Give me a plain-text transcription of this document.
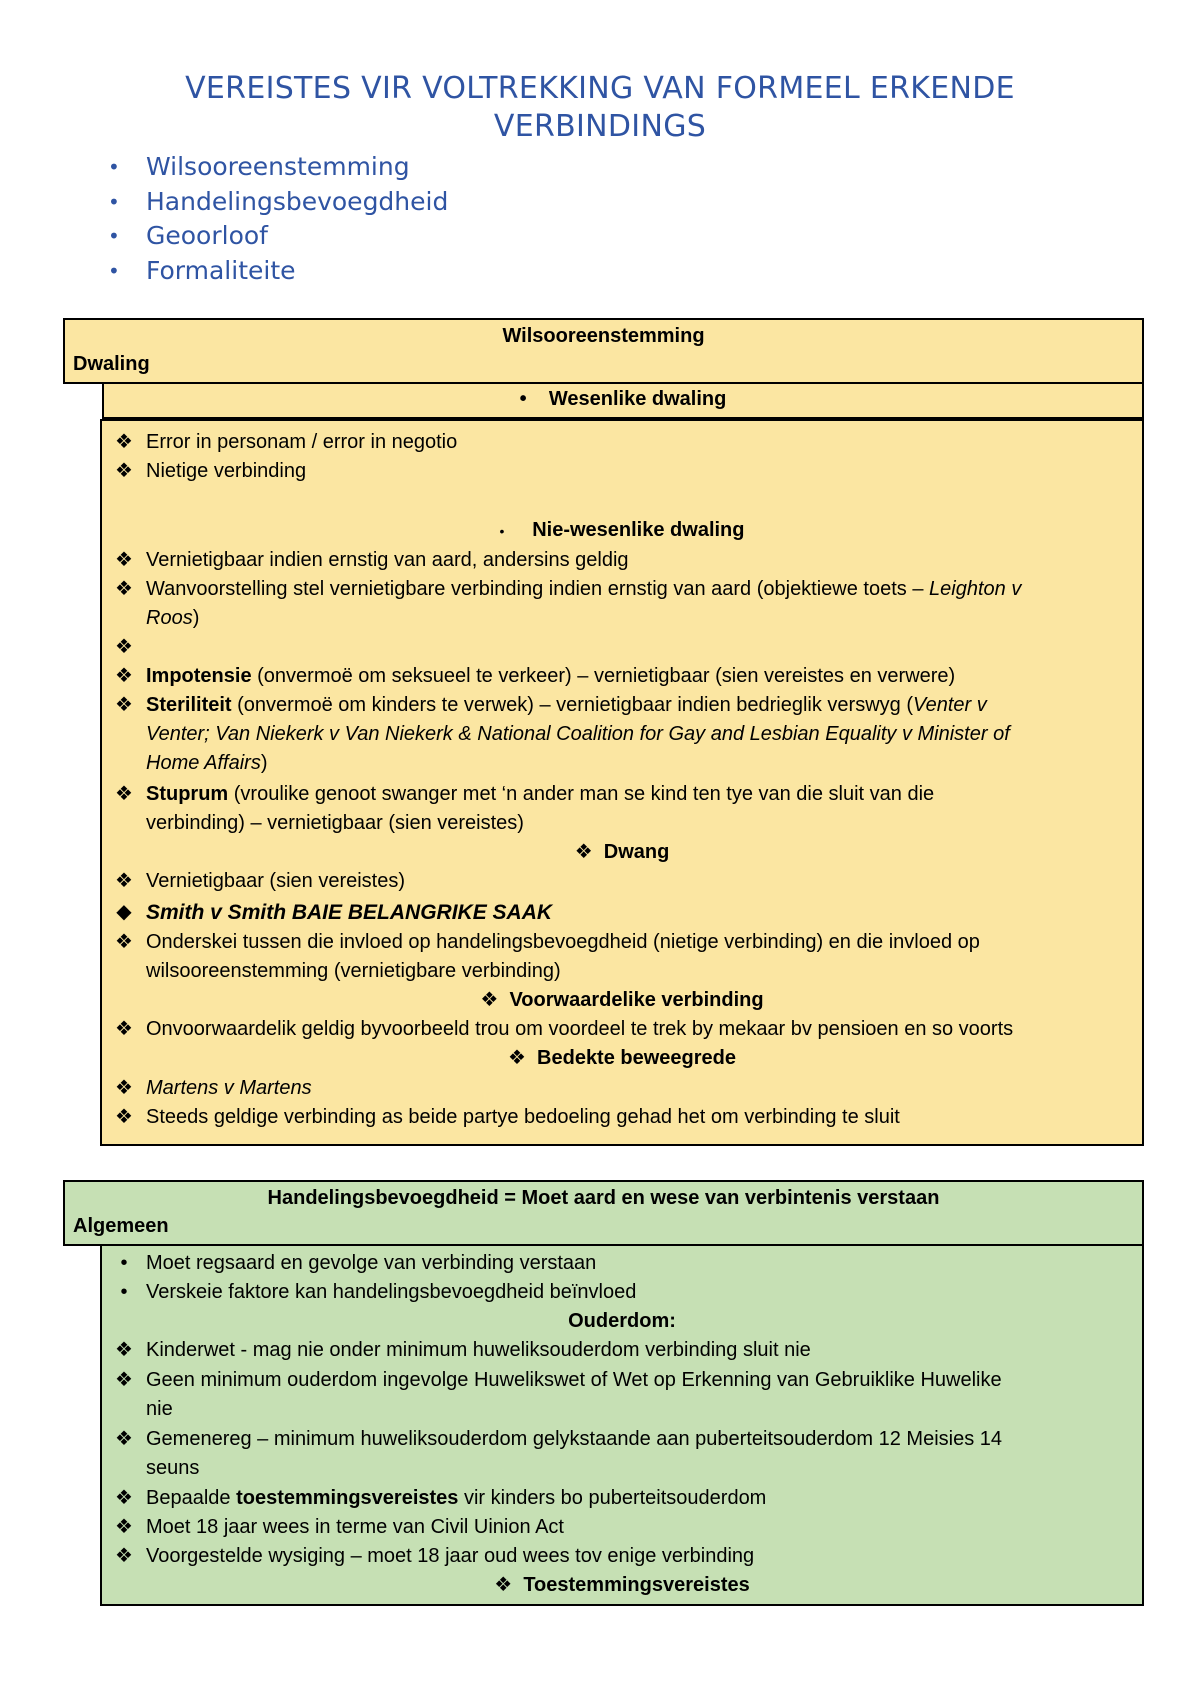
VEREISTES VIR VOLTREKKING VAN FORMEEL ERKENDE
VERBINDINGS
• Wilsooreenstemming
• Handelingsbevoegdheid
• Geoorloof
• Formaliteite
Wilsooreenstemming
Dwaling
• Wesenlike dwaling
❖ Error in personam / error in negotio
❖ Nietige verbinding
• Nie-wesenlike dwaling
❖ Vernietigbaar indien ernstig van aard, andersins geldig
❖ Wanvoorstelling stel vernietigbare verbinding indien ernstig van aard (objektiewe toets – Leighton v
Roos)
❖
❖ Impotensie (onvermoë om seksueel te verkeer) – vernietigbaar (sien vereistes en verwere)
❖ Steriliteit (onvermoë om kinders te verwek) – vernietigbaar indien bedrieglik verswyg (Venter v
Venter; Van Niekerk v Van Niekerk & National Coalition for Gay and Lesbian Equality v Minister of
Home Affairs)
❖ Stuprum (vroulike genoot swanger met ‘n ander man se kind ten tye van die sluit van die
verbinding) – vernietigbaar (sien vereistes)
❖ Dwang
❖ Vernietigbaar (sien vereistes)
◆ Smith v Smith BAIE BELANGRIKE SAAK
❖ Onderskei tussen die invloed op handelingsbevoegdheid (nietige verbinding) en die invloed op
wilsooreenstemming (vernietigbare verbinding)
❖ Voorwaardelike verbinding
❖ Onvoorwaardelik geldig byvoorbeeld trou om voordeel te trek by mekaar bv pensioen en so voorts
❖ Bedekte beweegrede
❖ Martens v Martens
❖ Steeds geldige verbinding as beide partye bedoeling gehad het om verbinding te sluit
Handelingsbevoegdheid = Moet aard en wese van verbintenis verstaan
Algemeen
• Moet regsaard en gevolge van verbinding verstaan
• Verskeie faktore kan handelingsbevoegdheid beïnvloed
Ouderdom:
❖ Kinderwet - mag nie onder minimum huweliksouderdom verbinding sluit nie
❖ Geen minimum ouderdom ingevolge Huwelikswet of Wet op Erkenning van Gebruiklike Huwelike
nie
❖ Gemenereg – minimum huweliksouderdom gelykstaande aan puberteitsouderdom 12 Meisies 14
seuns
❖ Bepaalde toestemmingsvereistes vir kinders bo puberteitsouderdom
❖ Moet 18 jaar wees in terme van Civil Uinion Act
❖ Voorgestelde wysiging – moet 18 jaar oud wees tov enige verbinding
❖ Toestemmingsvereistes
